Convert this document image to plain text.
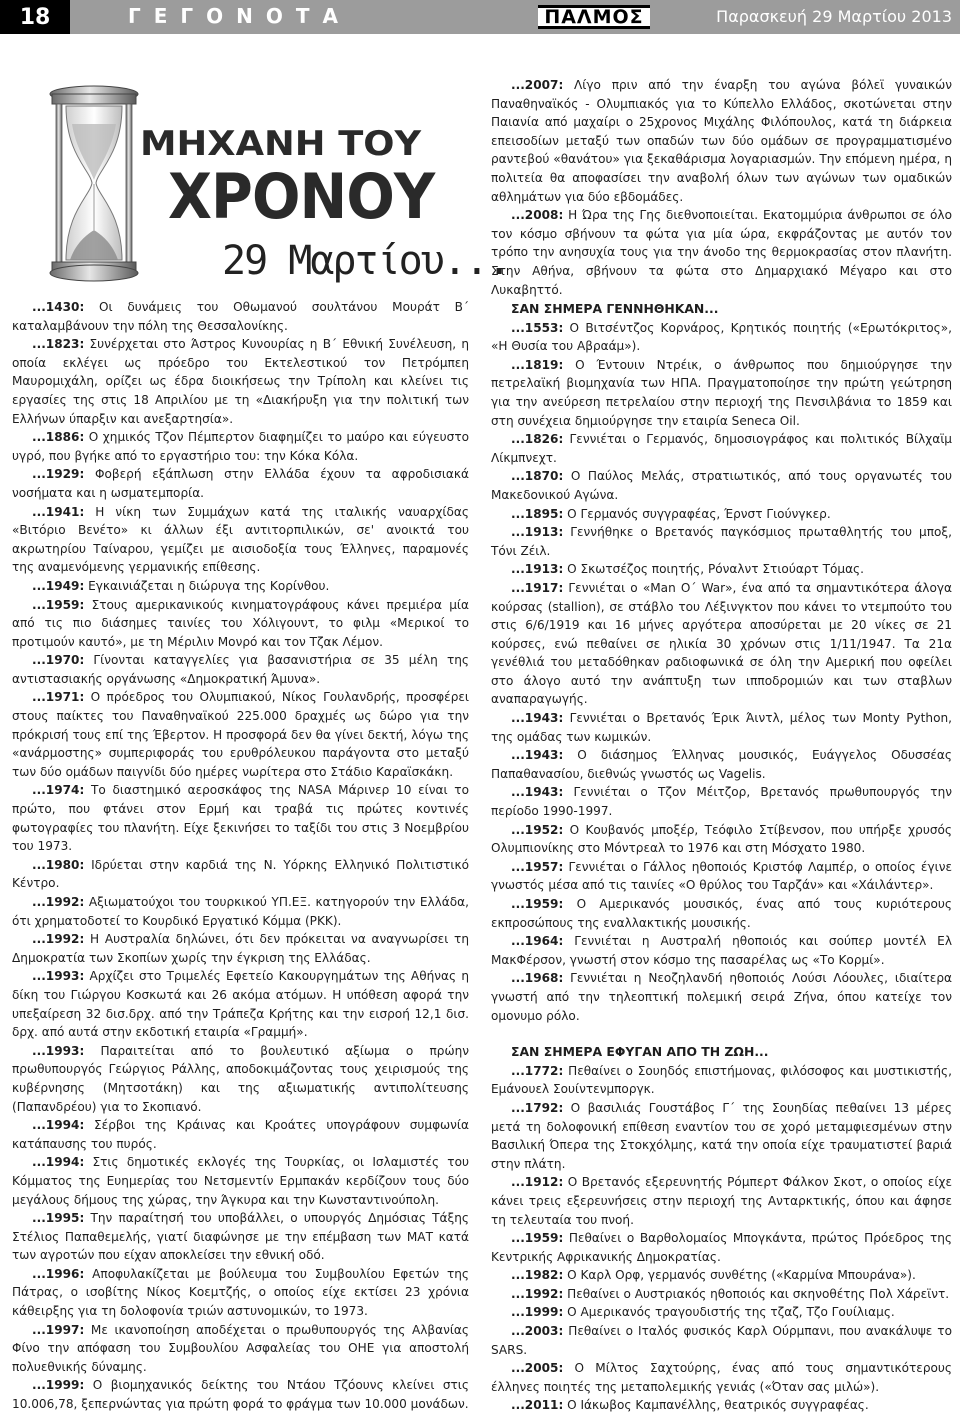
18	ΓΕΓΟΝΟΤΑ	ΠΑΛΜΟΣ	Παρασκευή 29 Μαρτίου 2013
ΜΗΧΑΝΗ ΤΟΥ
ΧΡΟΝΟΥ
29 Μαρτίου...

...2007: Λίγο πριν από την έναρξη του αγώνα βόλεϊ γυναικών Παναθηναϊκός - Ολυμπιακός για το Κύπελλο Ελλάδος, σκοτώνεται στην Παιανία από μαχαίρι ο 25χρονος Μιχάλης Φιλόπουλος, κατά τη διάρκεια επεισοδίων μεταξύ των οπαδών των δύο ομάδων σε προγραμματισμένο ραντεβού «θανάτου» για ξεκαθάρισμα λογαριασμών. Την επόμενη ημέρα, η πολιτεία θα αποφασίσει την αναβολή όλων των αγώνων των ομαδικών αθλημάτων για δύο εβδομάδες.

...2008: Η Ώρα της Γης διεθνοποιείται. Εκατομμύρια άνθρωποι σε όλο τον κόσμο σβήνουν τα φώτα για μία ώρα, εκφράζοντας με αυτόν τον τρόπο την ανησυχία τους για την άνοδο της θερμοκρασίας στον πλανήτη. Στην Αθήνα, σβήνουν τα φώτα στο Δημαρχιακό Μέγαρο και στο Λυκαβηττό.

...1430: Οι δυνάμεις του Οθωμανού σουλτάνου Μουράτ Β΄ καταλαμβάνουν την πόλη της Θεσσαλονίκης.

...1823: Συνέρχεται στο Άστρος Κυνουρίας η Β΄ Εθνική Συνέλευση, η οποία εκλέγει ως πρόεδρο του Εκτελεστικού τον Πετρόμπεη Μαυρομιχάλη, ορίζει ως έδρα διοικήσεως την Τρίπολη και κλείνει τις εργασίες της στις 18 Απριλίου με τη «Διακήρυξη για την πολιτική των Ελλήνων ύπαρξιν και ανεξαρτησία».

...1886: Ο χημικός Τζον Πέμπερτον διαφημίζει το μαύρο και εύγευστο υγρό, που βγήκε από το εργαστήριο του: την Κόκα Κόλα.

...1929: Φοβερή εξάπλωση στην Ελλάδα έχουν τα αφροδισιακά νοσήματα και η ωσματεμπορία.

...1941: Η νίκη των Συμμάχων κατά της ιταλικής ναυαρχίδας «Βιτόριο Βενέτο» κι άλλων έξι αντιτορπιλικών, σε' ανοικτά του ακρωτηρίου Ταίναρου, γεμίζει με αισιοδοξία τους Έλληνες, παραμονές της αναμενόμενης γερμανικής επίθεσης.

...1949: Εγκαινιάζεται η διώρυγα της Κορίνθου.

...1959: Στους αμερικανικούς κινηματογράφους κάνει πρεμιέρα μία από τις πιο διάσημες ταινίες του Χόλιγουντ, το φιλμ «Μερικοί το προτιμούν καυτό», με τη Μέριλιν Μονρό και τον Τζακ Λέμον.

...1970: Γίνονται καταγγελίες για βασανιστήρια σε 35 μέλη της αντιστασιακής οργάνωσης «Δημοκρατική Άμυνα».

...1971: Ο πρόεδρος του Ολυμπιακού, Νίκος Γουλανδρής, προσφέρει στους παίκτες του Παναθηναϊκού 225.000 δραχμές ως δώρο για την πρόκρισή τους επί της Έβερτον. Η προσφορά δεν θα γίνει δεκτή, λόγω της «ανάρμοστης» συμπεριφοράς του ερυθρόλευκου παράγοντα στο μεταξύ των δύο ομάδων παιγνίδι δύο ημέρες νωρίτερα στο Στάδιο Καραϊσκάκη.

...1974: Το διαστημικό αεροσκάφος της NASA Μάρινερ 10 είναι το πρώτο, που φτάνει στον Ερμή και τραβά τις πρώτες κοντινές φωτογραφίες του πλανήτη. Είχε ξεκινήσει το ταξίδι του στις 3 Νοεμβρίου του 1973.

...1980: Ιδρύεται στην καρδιά της Ν. Υόρκης Ελληνικό Πολιτιστικό Κέντρο.

...1992: Αξιωματούχοι του τουρκικού ΥΠ.ΕΞ. κατηγορούν την Ελλάδα, ότι χρηματοδοτεί το Κουρδικό Εργατικό Κόμμα (PKK).

...1992: Η Αυστραλία δηλώνει, ότι δεν πρόκειται να αναγνωρίσει τη Δημοκρατία των Σκοπίων χωρίς την έγκριση της Ελλάδας.

...1993: Αρχίζει στο Τριμελές Εφετείο Κακουργημάτων της Αθήνας η δίκη του Γιώργου Κοσκωτά και 26 ακόμα ατόμων. Η υπόθεση αφορά την υπεξαίρεση 32 δισ.δρχ. από την Τράπεζα Κρήτης και την εισροή 12,1 δισ. δρχ. από αυτά στην εκδοτική εταιρία «Γραμμή».

...1993: Παραιτείται από το βουλευτικό αξίωμα ο πρώην πρωθυπουργός Γεώργιος Ράλλης, αποδοκιμάζοντας τους χειρισμούς της κυβέρνησης (Μητσοτάκη) και της αξιωματικής αντιπολίτευσης (Παπανδρέου) για το Σκοπιανό.

...1994: Σέρβοι της Κράινας και Κροάτες υπογράφουν συμφωνία κατάπαυσης του πυρός.

...1994: Στις δημοτικές εκλογές της Τουρκίας, οι Ισλαμιστές του Κόμματος της Ευημερίας του Νετσμεντίν Ερμπακάν κερδίζουν τους δύο μεγάλους δήμους της χώρας, την Άγκυρα και την Κωνσταντινούπολη.

...1995: Την παραίτησή του υποβάλλει, ο υπουργός Δημόσιας Τάξης Στέλιος Παπαθεμελής, γιατί διαφώνησε με την επέμβαση των ΜΑΤ κατά των αγροτών που είχαν αποκλείσει την εθνική οδό.

...1996: Αποφυλακίζεται με βούλευμα του Συμβουλίου Εφετών της Πάτρας, ο ισοβίτης Νίκος Κοεμτζής, ο οποίος είχε εκτίσει 23 χρόνια κάθειρξης για τη δολοφονία τριών αστυνομικών, το 1973.

...1997: Με ικανοποίηση αποδέχεται ο πρωθυπουργός της Αλβανίας Φίνο την απόφαση του Συμβουλίου Ασφαλείας του ΟΗΕ για αποστολή πολυεθνικής δύναμης.

...1999: Ο βιομηχανικός δείκτης του Ντάου Τζόουνς κλείνει στις 10.006,78, ξεπερνώντας για πρώτη φορά το φράγμα των 10.000 μονάδων.

ΣΑΝ ΣΗΜΕΡΑ ΓΕΝΝΗΘΗΚΑΝ...

...1553: Ο Βιτσέντζος Κορνάρος, Κρητικός ποιητής («Ερωτόκριτος», «Η Θυσία του Αβραάμ»).

...1819: Ο Έντουιν Ντρέικ, ο άνθρωπος που δημιούργησε την πετρελαϊκή βιομηχανία των ΗΠΑ. Πραγματοποίησε την πρώτη γεώτρηση για την ανεύρεση πετρελαίου στην περιοχή της Πενσιλβάνια το 1859 και στη συνέχεια δημιούργησε την εταιρία Seneca Oil.

...1826: Γεννιέται ο Γερμανός, δημοσιογράφος και πολιτικός Βίλχαϊμ Λίκμπνεχτ.

...1870: Ο Παύλος Μελάς, στρατιωτικός, από τους οργανωτές του Μακεδονικού Αγώνα.

...1895: Ο Γερμανός συγγραφέας, Έρνστ Γιούνγκερ.

...1913: Γεννήθηκε ο Βρετανός παγκόσμιος πρωταθλητής του μποξ, Τόνι Ζέιλ.

...1913: Ο Σκωτσέζος ποιητής, Ρόναλντ Στιούαρτ Τόμας.

...1917: Γεννιέται ο «Man O΄ War», ένα από τα σημαντικότερα άλογα κούρσας (stallion), σε στάβλο του Λέξινγκτον που κάνει το ντεμπούτο του στις 6/6/1919 και 16 μήνες αργότερα αποσύρεται με 20 νίκες σε 21 κούρσες, ενώ πεθαίνει σε ηλικία 30 χρόνων στις 1/11/1947. Τα 21α γενέθλιά του μεταδόθηκαν ραδιοφωνικά σε όλη την Αμερική που οφείλει στο άλογο αυτό την ανάπτυξη των ιπποδρομιών και των σταβλων αναπαραγωγής.

...1943: Γεννιέται ο Βρετανός Έρικ Άιντλ, μέλος των Monty Python, της ομάδας των κωμικών.

...1943: Ο διάσημος Έλληνας μουσικός, Ευάγγελος Οδυσσέας Παπαθανασίου, διεθνώς γνωστός ως Vagelis.

...1943: Γεννιέται ο Τζον Μέιτζορ, Βρετανός πρωθυπουργός την περίοδο 1990-1997.

...1952: Ο Κουβανός μποξέρ, Τεόφιλο Στίβενσον, που υπήρξε χρυσός Ολυμπιονίκης στο Μόντρεαλ το 1976 και στη Μόσχατο 1980.

...1957: Γεννιέται ο Γάλλος ηθοποιός Κριστόφ Λαμπέρ, ο οποίος έγινε γνωστός μέσα από τις ταινίες «Ο θρύλος του Ταρζάν» και «Χάιλάντερ».

...1959: Ο Αμερικανός μουσικός, ένας από τους κυριότερους εκπροσώπους της εναλλακτικής μουσικής.

...1964: Γεννιέται η Αυστραλή ηθοποιός και σούπερ μοντέλ Ελ ΜακΦέρσον, γνωστή στον κόσμο της πασαρέλας ως «Το Κορμί».

...1968: Γεννιέται η Νεοζηλανδή ηθοποιός Λούσι Λόουλες, ιδιαίτερα γνωστή από την τηλεοπτική πολεμική σειρά Ζήνα, όπου κατείχε τον ομονυμο ρόλο.

ΣΑΝ ΣΗΜΕΡΑ ΕΦΥΓΑΝ ΑΠΟ ΤΗ ΖΩΗ...

...1772: Πεθαίνει ο Σουηδός επιστήμονας, φιλόσοφος και μυστικιστής, Εμάνουελ Σουίντενμποργκ.

...1792: Ο βασιλιάς Γουστάβος Γ΄ της Σουηδίας πεθαίνει 13 μέρες μετά τη δολοφονική επίθεση εναντίον του σε χορό μεταμφιεσμένων στην Βασιλική Όπερα της Στοκχόλμης, κατά την οποία είχε τραυματιστεί βαριά στην πλάτη.

...1912: Ο Βρετανός εξερευνητής Ρόμπερτ Φάλκον Σκοτ, ο οποίος είχε κάνει τρεις εξερευνήσεις στην περιοχή της Ανταρκτικής, όπου και άφησε τη τελευταία του πνοή.

...1959: Πεθαίνει ο Βαρθολομαίος Μπογκάντα, πρώτος Πρόεδρος της Κεντρικής Αφρικανικής Δημοκρατίας.

...1982: Ο Καρλ Ορφ, γερμανός συνθέτης («Καρμίνα Μπουράνα»).

...1992: Πεθαίνει ο Αυστριακός ηθοποιός και σκηνοθέτης Πολ Χάρεϊντ.

...1999: Ο Αμερικανός τραγουδιστής της τζαζ, Τζο Γουίλιαμς.

...2003: Πεθαίνει ο Ιταλός φυσικός Καρλ Ούρμπανι, που ανακάλυψε το SARS.

...2005: Ο Μίλτος Σαχτούρης, ένας από τους σημαντικότερους έλληνες ποιητές της μεταπολεμικής γενιάς («Όταν σας μιλώ»).

...2011: Ο Ιάκωβος Καμπανέλλης, θεατρικός συγγραφέας.
